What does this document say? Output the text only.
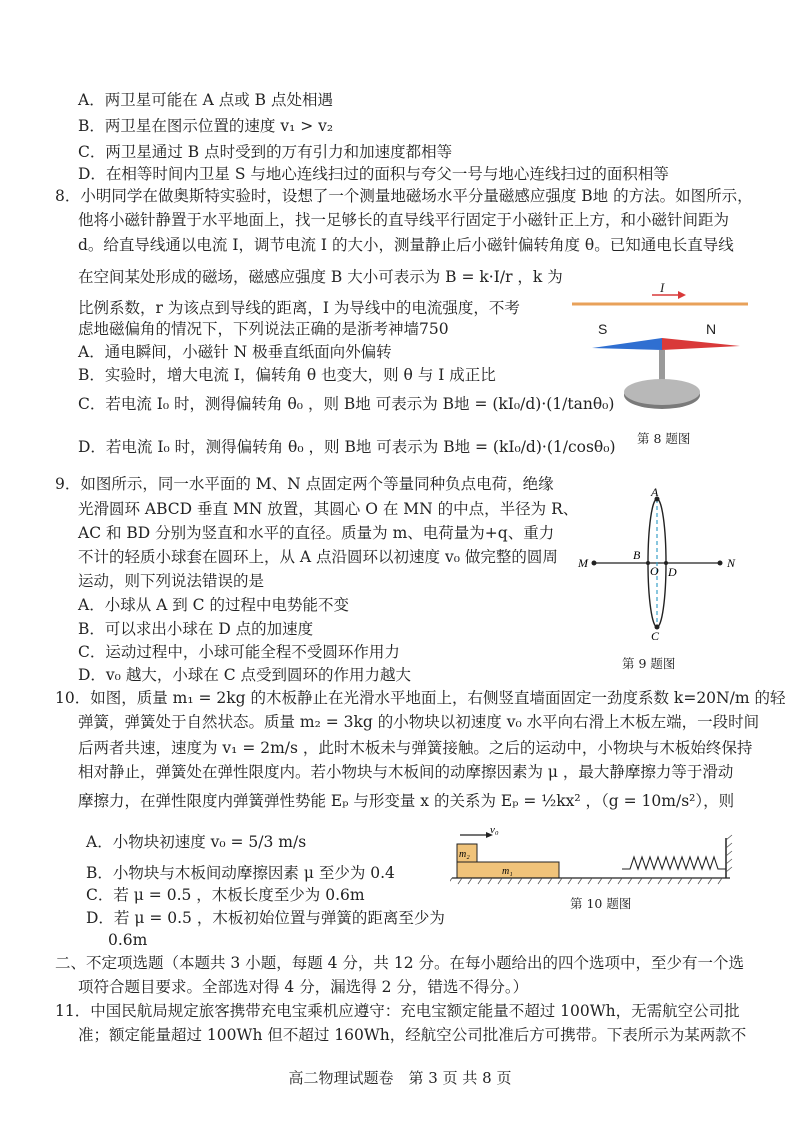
A．两卫星可能在 A 点或 B 点处相遇
B．两卫星在图示位置的速度 v₁ > v₂
C．两卫星通过 B 点时受到的万有引力和加速度都相等
D．在相等时间内卫星 S 与地心连线扫过的面积与夸父一号与地心连线扫过的面积相等
8．小明同学在做奥斯特实验时，设想了一个测量地磁场水平分量磁感应强度 B地 的方法。如图所示，
他将小磁针静置于水平地面上，找一足够长的直导线平行固定于小磁针正上方，和小磁针间距为
d。给直导线通以电流 I，调节电流 I 的大小，测量静止后小磁针偏转角度 θ。已知通电长直导线
在空间某处形成的磁场，磁感应强度 B 大小可表示为 B = k·I/r ，k 为
比例系数，r 为该点到导线的距离，I 为导线中的电流强度，不考
虑地磁偏角的情况下，下列说法正确的是浙考神墙750
A．通电瞬间，小磁针 N 极垂直纸面向外偏转
B．实验时，增大电流 I，偏转角 θ 也变大，则 θ 与 I 成正比
C．若电流 I₀ 时，测得偏转角 θ₀ ，则 B地 可表示为 B地 = (kI₀/d)·(1/tanθ₀)
D．若电流 I₀ 时，测得偏转角 θ₀ ，则 B地 可表示为 B地 = (kI₀/d)·(1/cosθ₀)
I
S	N
第 8 题图
9．如图所示，同一水平面的 M、N 点固定两个等量同种负点电荷，绝缘
光滑圆环 ABCD 垂直 MN 放置，其圆心 O 在 MN 的中点，半径为 R、
AC 和 BD 分别为竖直和水平的直径。质量为 m、电荷量为+q、重力
不计的轻质小球套在圆环上，从 A 点沿圆环以初速度 v₀ 做完整的圆周
运动，则下列说法错误的是
A．小球从 A 到 C 的过程中电势能不变
B．可以求出小球在 D 点的加速度
C．运动过程中，小球可能全程不受圆环作用力
D．v₀ 越大，小球在 C 点受到圆环的作用力越大
A
B
O D
C
M	N
第 9 题图
10．如图，质量 m₁ = 2kg 的木板静止在光滑水平地面上，右侧竖直墙面固定一劲度系数 k=20N/m 的轻
弹簧，弹簧处于自然状态。质量 m₂ = 3kg 的小物块以初速度 v₀ 水平向右滑上木板左端，一段时间
后两者共速，速度为 v₁ = 2m/s ，此时木板未与弹簧接触。之后的运动中，小物块与木板始终保持
相对静止，弹簧处在弹性限度内。若小物块与木板间的动摩擦因素为 μ ，最大静摩擦力等于滑动
摩擦力，在弹性限度内弹簧弹性势能 Eₚ 与形变量 x 的关系为 Eₚ = ½kx² ，（g = 10m/s²），则
A．小物块初速度 v₀ = 5/3 m/s
B．小物块与木板间动摩擦因素 μ 至少为 0.4
C．若 μ = 0.5 ，木板长度至少为 0.6m
D．若 μ = 0.5 ，木板初始位置与弹簧的距离至少为
0.6m
v₀
m₂
m₁
第 10 题图
二、不定项选题（本题共 3 小题，每题 4 分，共 12 分。在每小题给出的四个选项中，至少有一个选
项符合题目要求。全部选对得 4 分，漏选得 2 分，错选不得分。）
11．中国民航局规定旅客携带充电宝乘机应遵守：充电宝额定能量不超过 100Wh，无需航空公司批
准；额定能量超过 100Wh 但不超过 160Wh，经航空公司批准后方可携带。下表所示为某两款不
高二物理试题卷　第 3 页 共 8 页
